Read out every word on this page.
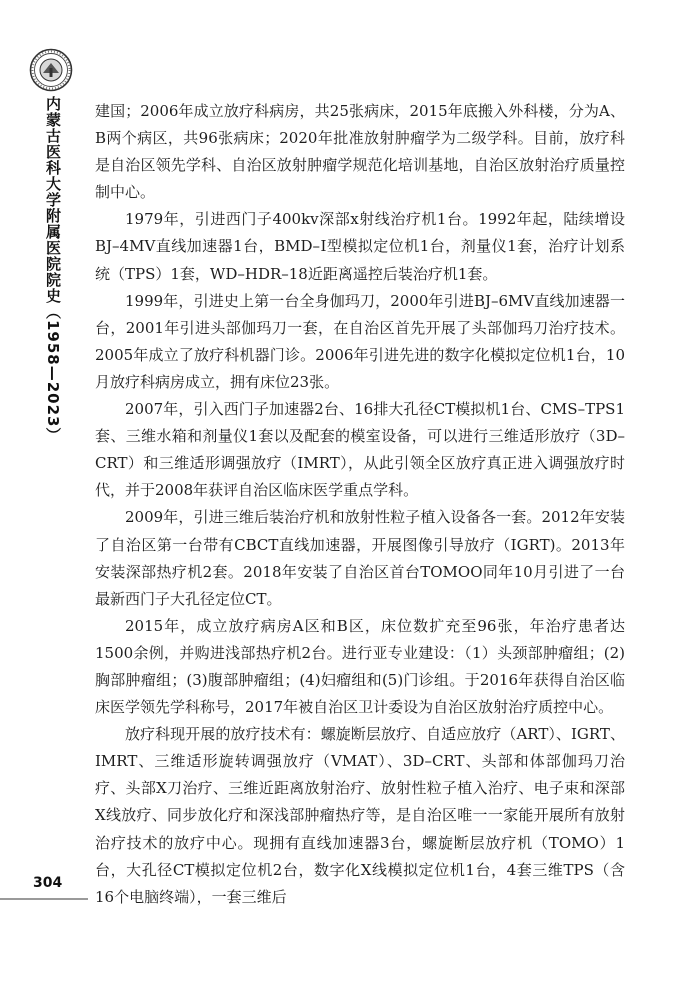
内蒙古医科大学附属医院院史（1958—2023） 建国；2006年成立放疗科病房，共25张病床，2015年底搬入外科楼，分为A、B两个病区，共96张病床；2020年批准放射肿瘤学为二级学科。目前，放疗科是自治区领先学科、自治区放射肿瘤学规范化培训基地，自治区放射治疗质量控制中心。

1979年，引进西门子400kv深部x射线治疗机1台。1992年起，陆续增设BJ–4MV直线加速器1台，BMD–Ⅰ型模拟定位机1台，剂量仪1套，治疗计划系统（TPS）1套，WD–HDR–18近距离遥控后装治疗机1套。

1999年，引进史上第一台全身伽玛刀，2000年引进BJ–6MV直线加速器一台，2001年引进头部伽玛刀一套，在自治区首先开展了头部伽玛刀治疗技术。2005年成立了放疗科机器门诊。2006年引进先进的数字化模拟定位机1台，10月放疗科病房成立，拥有床位23张。

2007年，引入西门子加速器2台、16排大孔径CT模拟机1台、CMS–TPS1套、三维水箱和剂量仪1套以及配套的模室设备，可以进行三维适形放疗（3D–CRT）和三维适形调强放疗（IMRT），从此引领全区放疗真正进入调强放疗时代，并于2008年获评自治区临床医学重点学科。

2009年，引进三维后装治疗机和放射性粒子植入设备各一套。2012年安装了自治区第一台带有CBCT直线加速器，开展图像引导放疗（IGRT)。2013年安装深部热疗机2套。2018年安装了自治区首台TOMOO同年10月引进了一台最新西门子大孔径定位CT。

2015年，成立放疗病房A区和B区，床位数扩充至96张，年治疗患者达1500余例，并购进浅部热疗机2台。进行亚专业建设：（1）头颈部肿瘤组；(2)胸部肿瘤组；(3)腹部肿瘤组；(4)妇瘤组和(5)门诊组。于2016年获得自治区临床医学领先学科称号，2017年被自治区卫计委设为自治区放射治疗质控中心。

放疗科现开展的放疗技术有：螺旋断层放疗、自适应放疗（ART）、IGRT、IMRT、三维适形旋转调强放疗（VMAT）、3D–CRT、头部和体部伽玛刀治疗、头部X刀治疗、三维近距离放射治疗、放射性粒子植入治疗、电子束和深部X线放疗、同步放化疗和深浅部肿瘤热疗等，是自治区唯一一家能开展所有放射治疗技术的放疗中心。现拥有直线加速器3台，螺旋断层放疗机（TOMO）1台，大孔径CT模拟定位机2台，数字化X线模拟定位机1台，4套三维TPS（含16个电脑终端），一套三维后

304
